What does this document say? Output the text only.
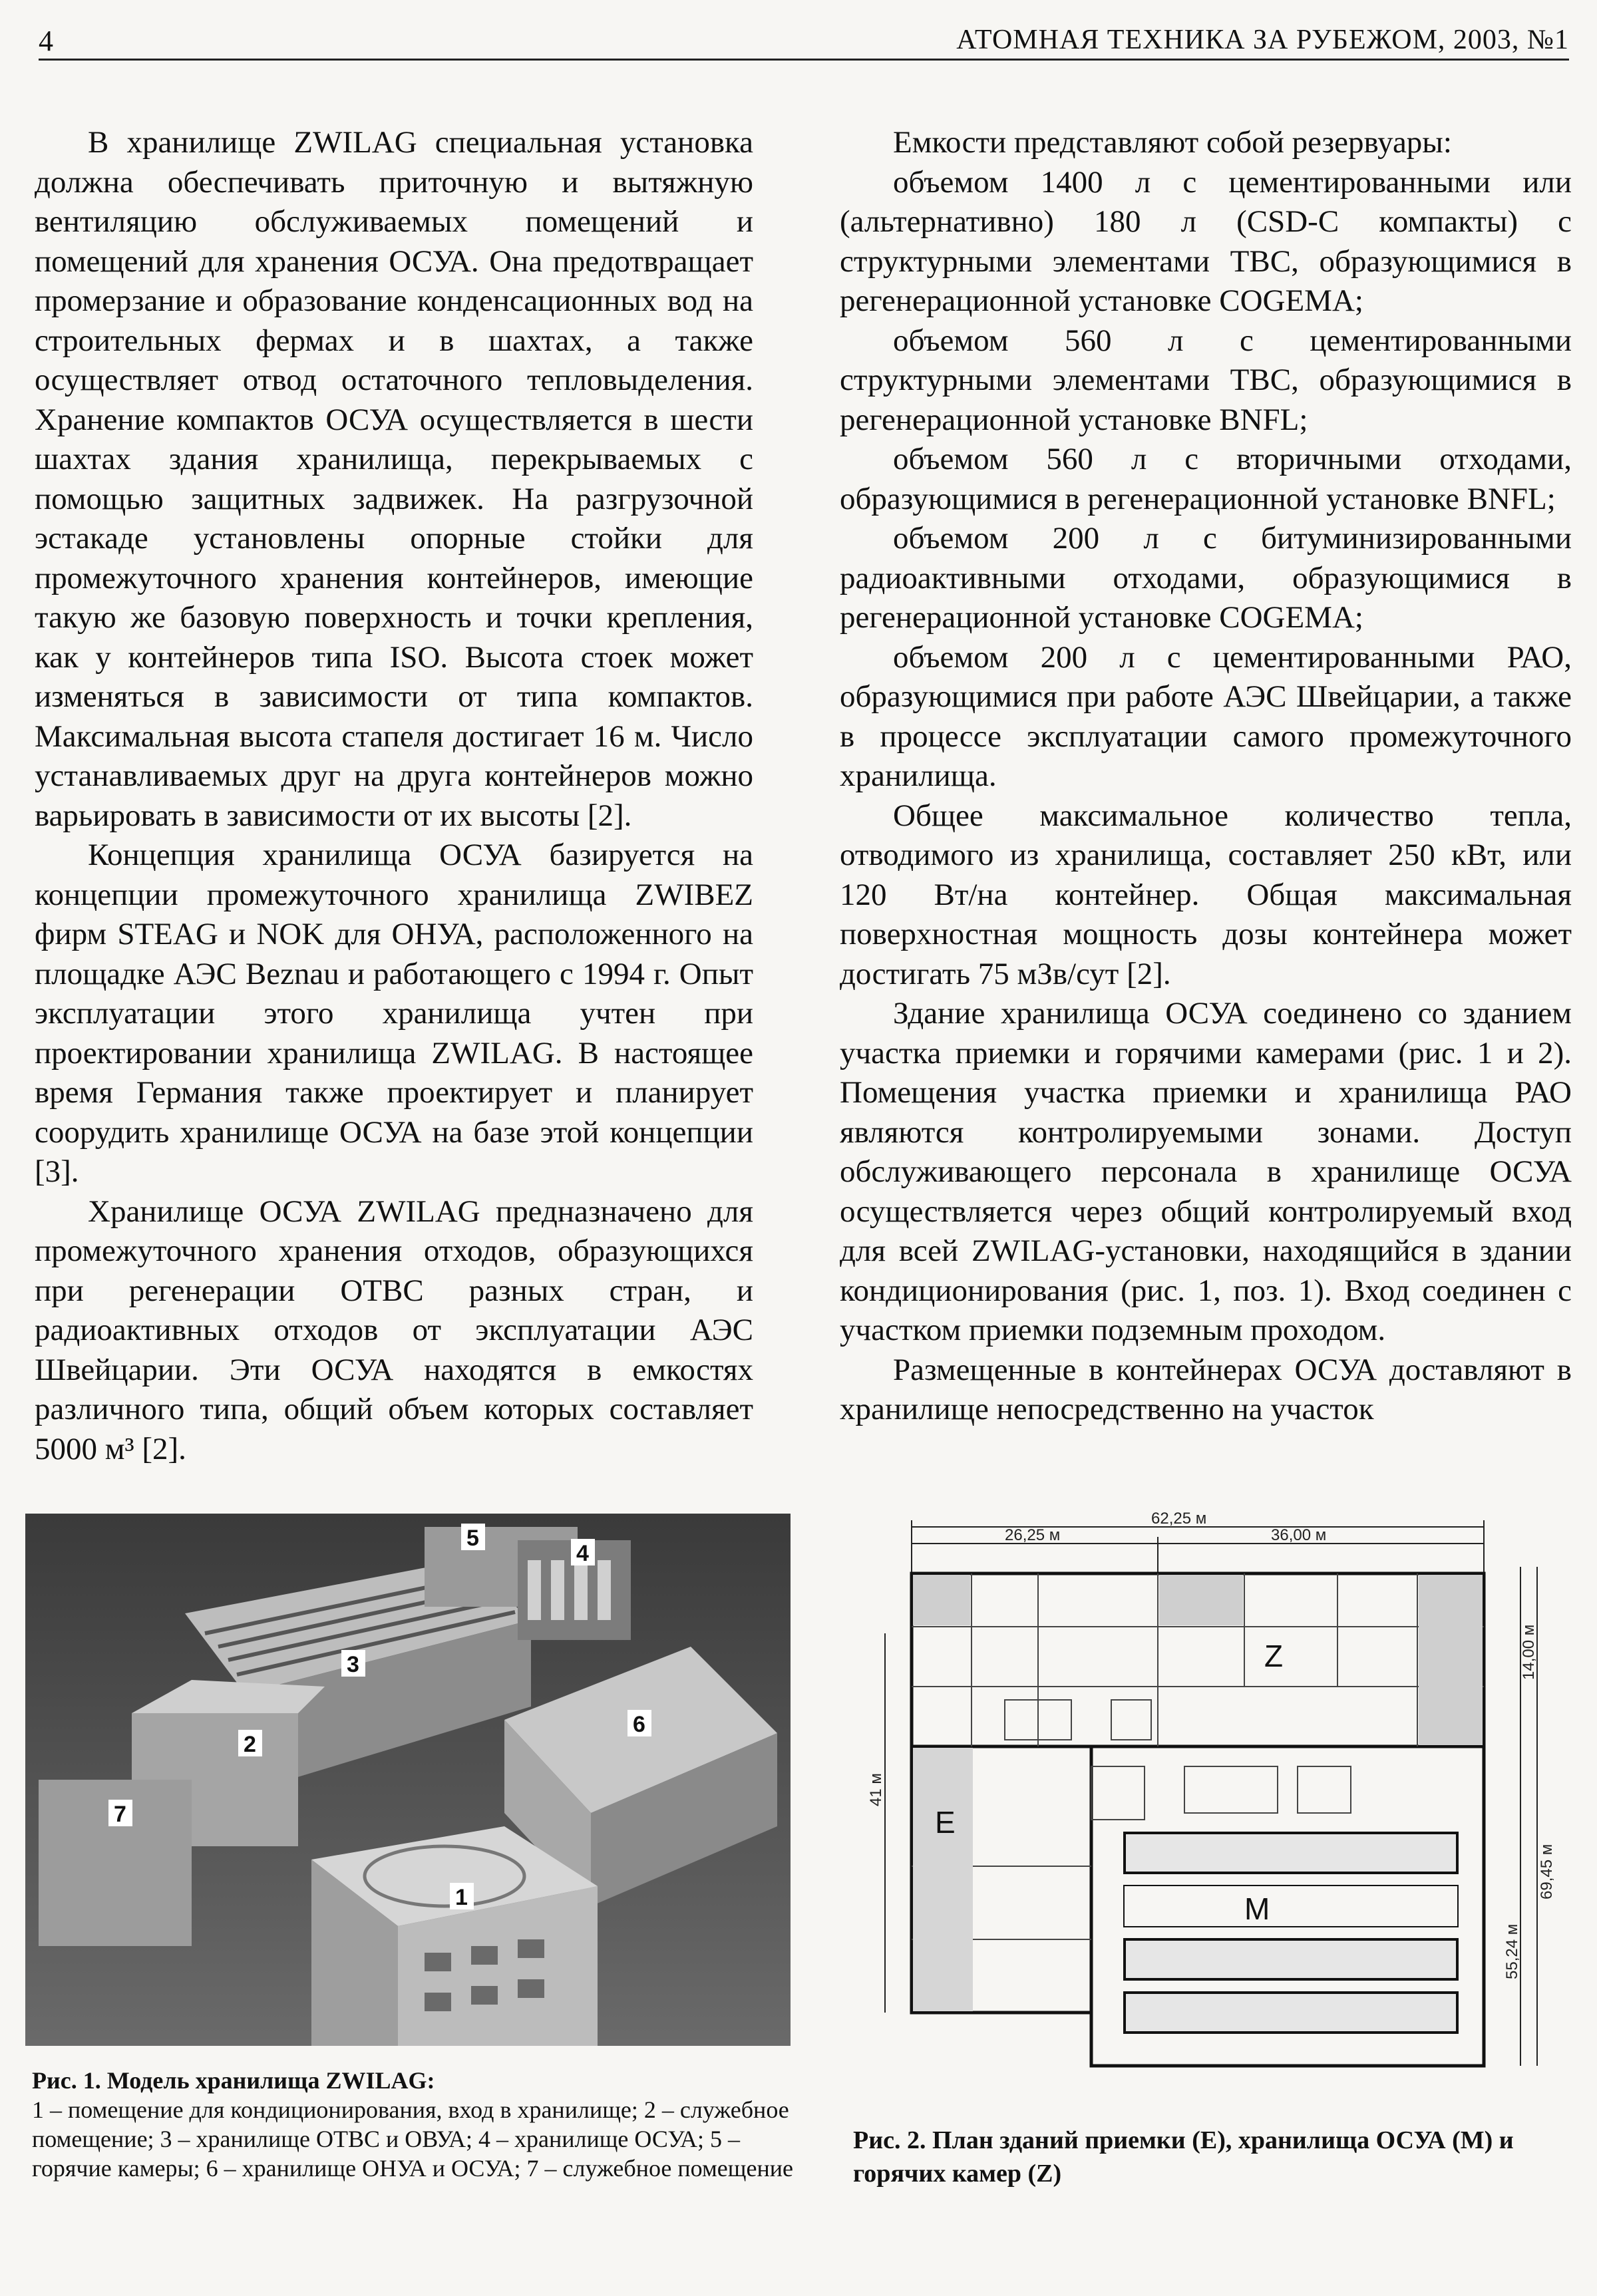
4	АТОМНАЯ ТЕХНИКА ЗА РУБЕЖОМ, 2003, №1

В хранилище ZWILAG специальная установка должна обеспечивать приточную и вытяжную вентиляцию обслуживаемых помещений и помещений для хранения ОСУА. Она предотвращает промерзание и образование конденсационных вод на строительных фермах и в шахтах, а также осуществляет отвод остаточного тепловыделения. Хранение компактов ОСУА осуществляется в шести шахтах здания хранилища, перекрываемых с помощью защитных задвижек. На разгрузочной эстакаде установлены опорные стойки для промежуточного хранения контейнеров, имеющие такую же базовую поверхность и точки крепления, как у контейнеров типа ISO. Высота стоек может изменяться в зависимости от типа компактов. Максимальная высота стапеля достигает 16 м. Число устанавливаемых друг на друга контейнеров можно варьировать в зависимости от их высоты [2].

Концепция хранилища ОСУА базируется на концепции промежуточного хранилища ZWIBEZ фирм STEAG и NOK для ОНУА, расположенного на площадке АЭС Beznau и работающего с 1994 г. Опыт эксплуатации этого хранилища учтен при проектировании хранилища ZWILAG. В настоящее время Германия также проектирует и планирует соорудить хранилище ОСУА на базе этой концепции [3].

Хранилище ОСУА ZWILAG предназначено для промежуточного хранения отходов, образующихся при регенерации ОТВС разных стран, и радиоактивных отходов от эксплуатации АЭС Швейцарии. Эти ОСУА находятся в емкостях различного типа, общий объем которых составляет 5000 м³ [2].

Емкости представляют собой резервуары:

объемом 1400 л с цементированными или (альтернативно) 180 л (CSD-C компакты) с структурными элементами ТВС, образующимися в регенерационной установке COGEMA;

объемом 560 л с цементированными структурными элементами ТВС, образующимися в регенерационной установке BNFL;

объемом 560 л с вторичными отходами, образующимися в регенерационной установке BNFL;

объемом 200 л с битуминизированными радиоактивными отходами, образующимися в регенерационной установке COGEMA;

объемом 200 л с цементированными РАО, образующимися при работе АЭС Швейцарии, а также в процессе эксплуатации самого промежуточного хранилища.

Общее максимальное количество тепла, отводимого из хранилища, составляет 250 кВт, или 120 Вт/на контейнер. Общая максимальная поверхностная мощность дозы контейнера может достигать 75 мЗв/сут [2].

Здание хранилища ОСУА соединено со зданием участка приемки и горячими камерами (рис. 1 и 2). Помещения участка приемки и хранилища РАО являются контролируемыми зонами. Доступ обслуживающего персонала в хранилище ОСУА осуществляется через общий контролируемый вход для всей ZWILAG-установки, находящийся в здании кондиционирования (рис. 1, поз. 1). Вход соединен с участком приемки подземным проходом.

Размещенные в контейнерах ОСУА доставляют в хранилище непосредственно на участок

5
4
3
2
6
7
1
Рис. 1. Модель хранилища ZWILAG:
1 – помещение для кондиционирования, вход в хранилище; 2 – служебное помещение; 3 – хранилище ОТВС и ОВУА; 4 – хранилище ОСУА; 5 – горячие камеры; 6 – хранилище ОНУА и ОСУА; 7 – служебное помещение
62,25 м
26,25 м	36,00 м
41 м
14,00 м
69,45 м
55,24 м
M
E
Z
Рис. 2. План зданий приемки (E), хранилища ОСУА (M) и горячих камер (Z)
